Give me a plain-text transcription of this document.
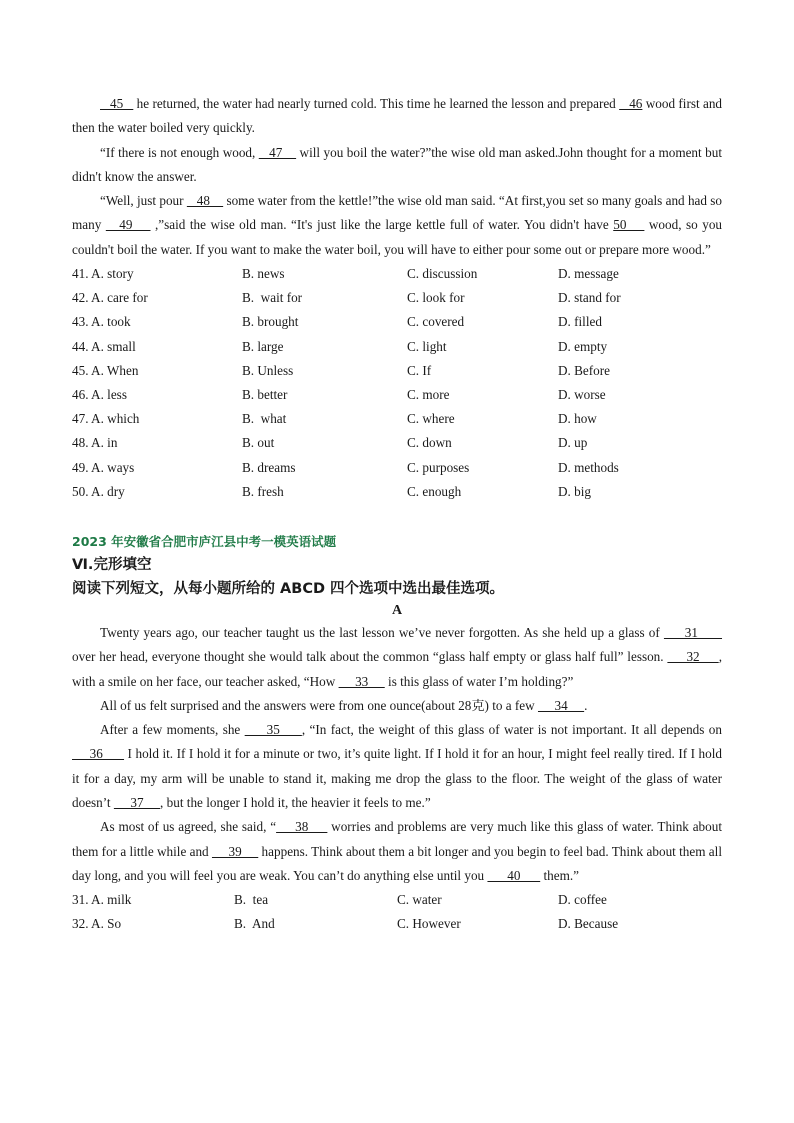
45    he returned, the water had nearly turned cold. This time he learned the lesson and prepared    46 wood first and then the water boiled very quickly.

“If there is not enough wood,    47     will you boil the water?”the wise old man asked.John thought for a moment but didn't know the answer.

“Well, just pour    48     some water from the kettle!”the wise old man said. “At first,you set so many goals and had so many    49     ,”said the wise old man. “It's just like the large kettle full of water. You didn't have 50     wood, so you couldn't boil the water. If you want to make the water boil, you will have to either pour some out or prepare more wood.”

41. A. story	B. news	C. discussion	D. message
42. A. care for	B.  wait for	C. look for	D. stand for
43. A. took	B. brought	C. covered	D. filled
44. A. small	B. large	C. light	D. empty
45. A. When	B. Unless	C. If	D. Before
46. A. less	B. better	C. more	D. worse
47. A. which	B.  what	C. where	D. how
48. A. in	B. out	C. down	D. up
49. A. ways	B. dreams	C. purposes	D. methods
50. A. dry	B. fresh	C. enough	D. big
2023 年安徽省合肥市庐江县中考一模英语试题
Ⅵ.完形填空
阅读下列短文，从每小题所给的 ABCD 四个选项中选出最佳选项。
A

Twenty years ago, our teacher taught us the last lesson we’ve never forgotten. As she held up a glass of      31       over her head, everyone thought she would talk about the common “glass half empty or glass half full” lesson.      32     , with a smile on her face, our teacher asked, “How      33      is this glass of water I’m holding?”

All of us felt surprised and the answers were from one ounce(about 28克) to a few      34     .

After a few moments, she      35     , “In fact, the weight of this glass of water is not important. It all depends on      36       I hold it. If I hold it for a minute or two, it’s quite light. If I hold it for an hour, I might feel really tired. If I hold it for a day, my arm will be unable to stand it, making me drop the glass to the floor. The weight of the glass of water doesn’t      37     , but the longer I hold it, the heavier it feels to me.”

As most of us agreed, she said, “     38      worries and problems are very much like this glass of water. Think about them for a little while and      39      happens. Think about them a bit longer and you begin to feel bad. Think about them all day long, and you will feel you are weak. You can’t do anything else until you       40       them.”

31. A. milk	B.  tea	C. water	D. coffee
32. A. So	B.  And	C. However	D. Because
